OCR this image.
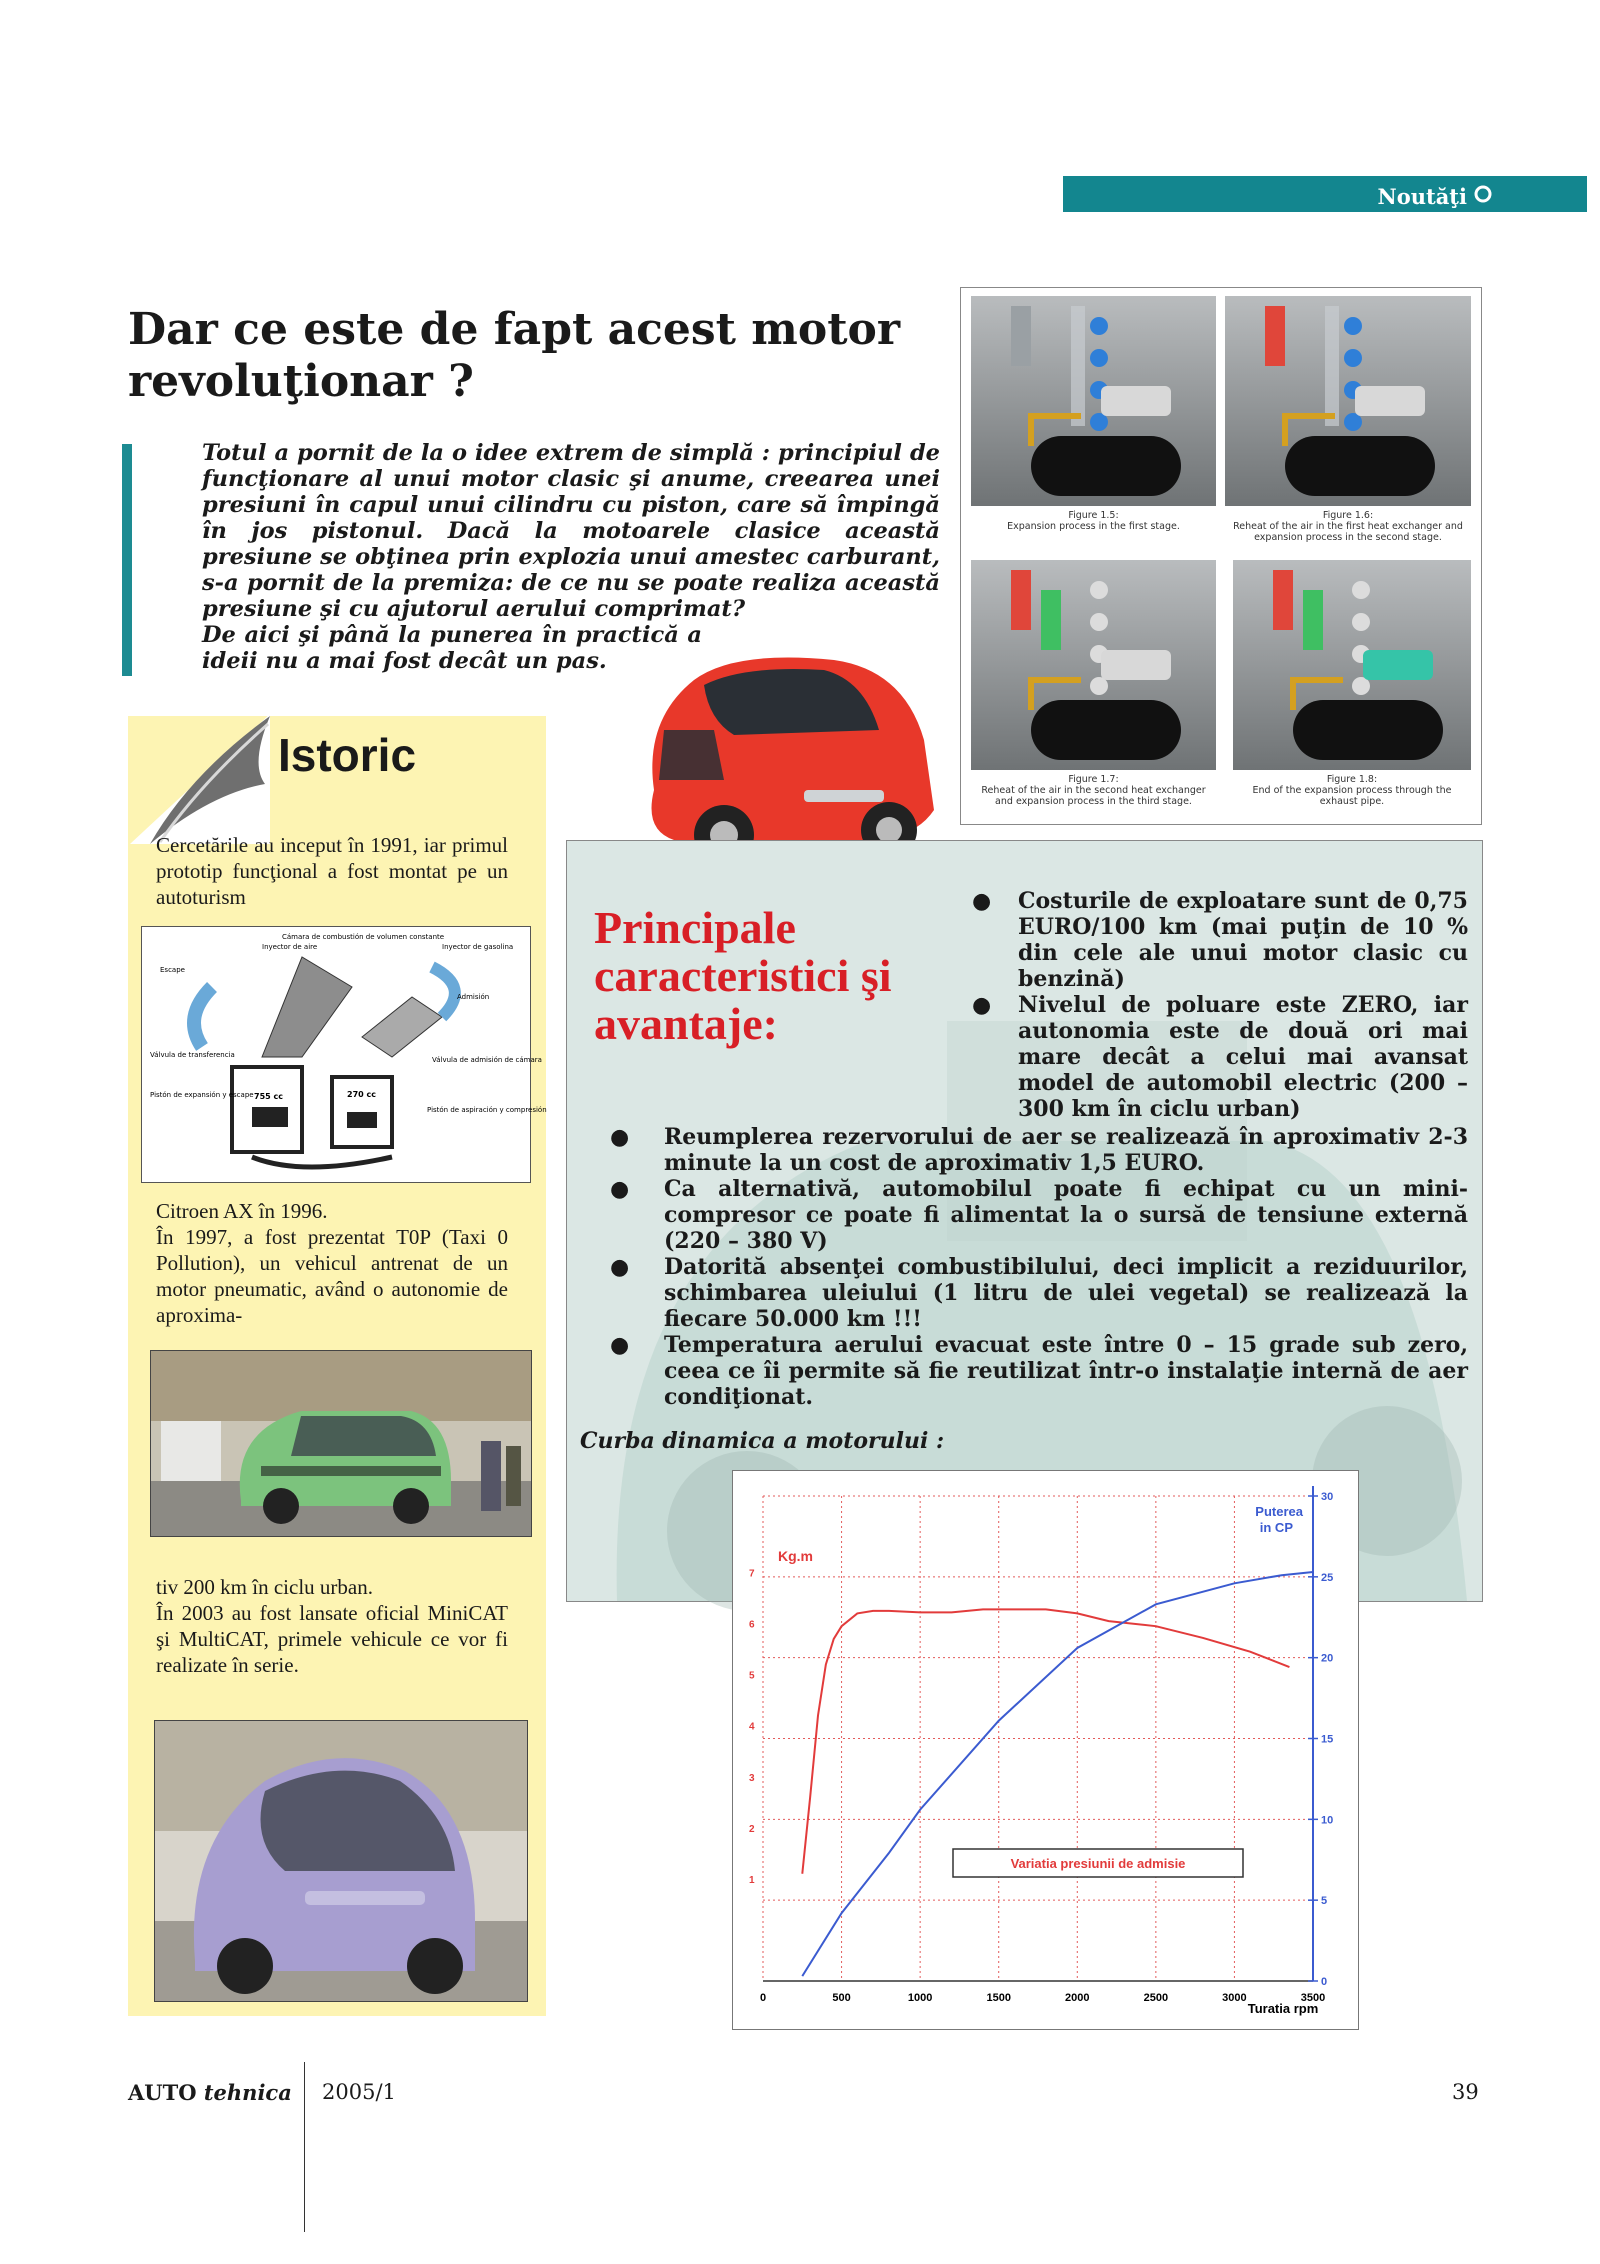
Noutăţi
Dar ce este de fapt acest motor revoluţionar ?

Totul a pornit de la o idee extrem de simplă : principiul de funcţionare al unui motor clasic şi anume, creearea unei presiuni în capul unui cilindru cu piston, care să împingă în jos pistonul. Dacă la motoarele clasice această presiune se obţinea prin explozia unui amestec carburant, s-a pornit de la premiza: de ce nu se poate realiza această presiune şi cu ajutorul aerului comprimat?

De aici şi până la punerea în practică a ideii nu a mai fost decât un pas.

Figure 1.5:
Expansion process in the first stage.
Figure 1.6:
Reheat of the air in the first heat exchanger and expansion process in the second stage.
Figure 1.7:
Reheat of the air in the second heat exchanger and expansion process in the third stage.
Figure 1.8:
End of the expansion process through the exhaust pipe.
Istoric

Cercetările au inceput în 1991, iar primul prototip funcţional a fost montat pe un autoturism

Cámara de combustión de volumen constante
Inyector de aire	Inyector de gasolina
Escape
Admisión
Válvula de transferencia
Válvula de admisión de cámara
Pistón de expansión y escape
Pistón de aspiración y compresión
755 cc	270 cc

Citroen AX în 1996.

În 1997, a fost prezentat T0P (Taxi 0 Pollution), un vehicul antrenat de un motor pneumatic, având o autonomie de aproxima-

tiv 200 km în ciclu urban.

În 2003 au fost lansate oficial MiniCAT şi MultiCAT, primele vehicule ce vor fi realizate în serie.

Principale caracteristici şi avantaje:
● Costurile de exploatare sunt de 0,75 EURO/100 km (mai puţin de 10 % din cele ale unui motor clasic cu benzină)
● Nivelul de poluare este ZERO, iar autonomia este de două ori mai mare decât a celui mai avansat model de automobil electric (200 – 300 km în ciclu urban)
● Reumplerea rezervorului de aer se realizează în aproximativ 2-3 minute la un cost de aproximativ 1,5 EURO.
● Ca alternativă, automobilul poate fi echipat cu un mini-compresor ce poate fi alimentat la o sursă de tensiune externă (220 – 380 V)
● Datorită absenţei combustibilului, deci implicit a reziduurilor, schimbarea uleiului (1 litru de ulei vegetal) se realizează la fiecare 50.000 km !!!
● Temperatura aerului evacuat este între 0 – 15 grade sub zero, ceea ce îi permite să fie reutilizat într-o instalaţie internă de aer condiţionat.
Curba dinamica a motorului :
0	500	1000	1500	2000	2500	3000	3500
0
5
10
15
20
25
30
1
2
3
4
5
6
7
Turatia rpm
Kg.m
Puterea
in CP
Variatia presiunii de admisie
AUTO tehnica 2005/1	39
